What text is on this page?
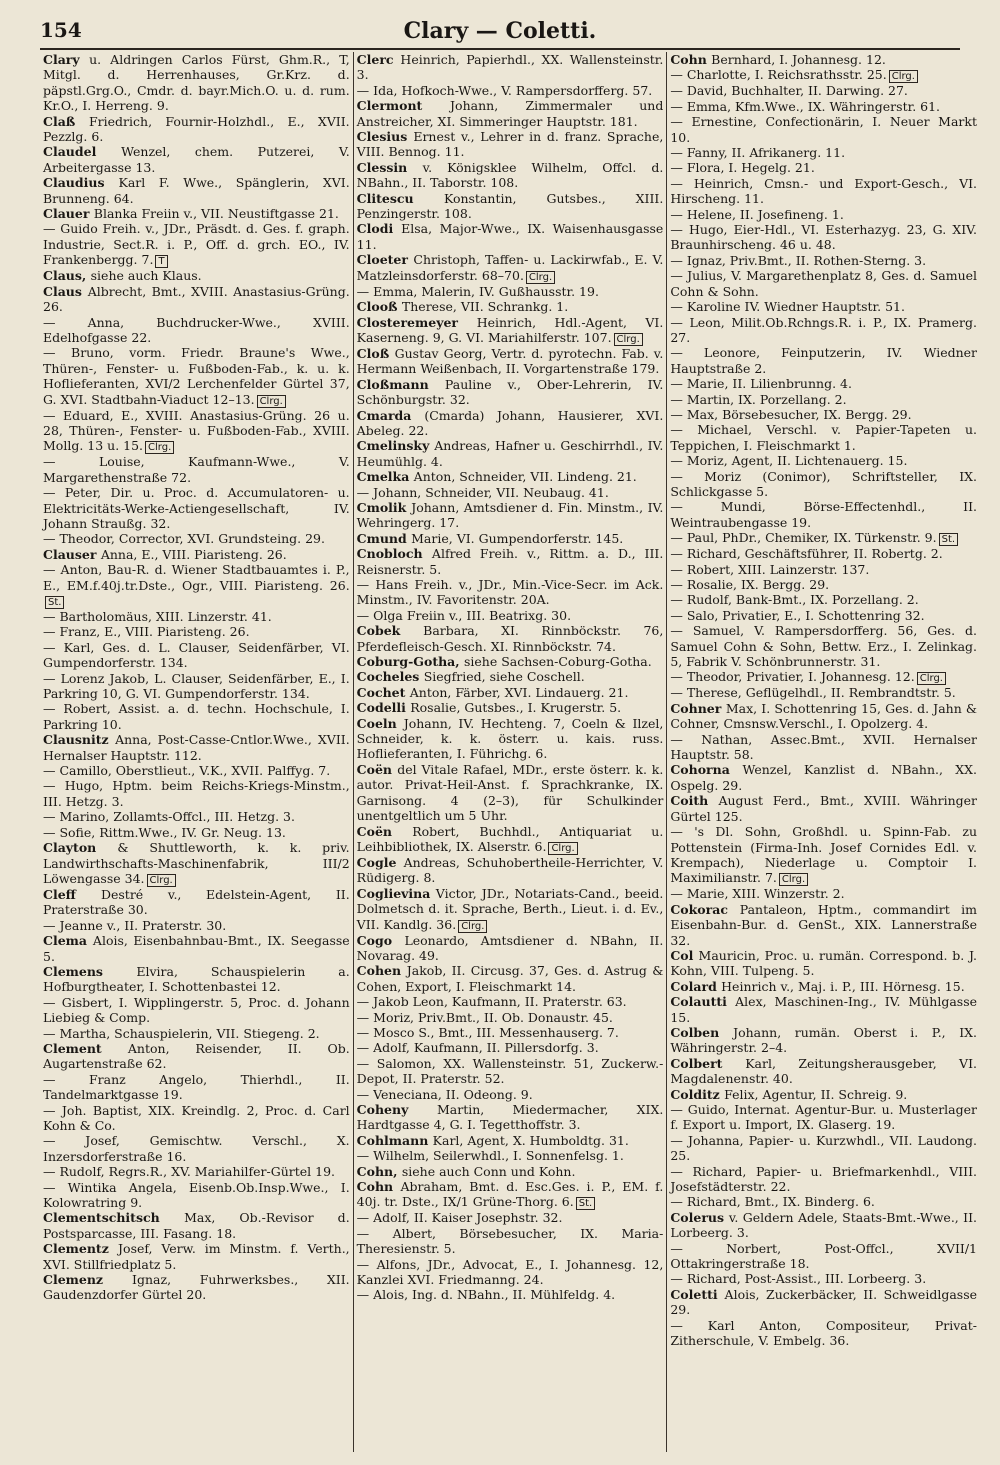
154	Clary — Coletti.

Clary u. Aldringen Carlos Fürst, Ghm.R., T, Mitgl. d. Herrenhauses, Gr.Krz. d. päpstl.Grg.O., Cmdr. d. bayr.Mich.O. u. d. rum. Kr.O., I. Herreng. 9.

Claß Friedrich, Fournir-Holzhdl., E., XVII. Pezzlg. 6.

Claudel Wenzel, chem. Putzerei, V. Arbeitergasse 13.

Claudius Karl F. Wwe., Spänglerin, XVI. Brunneng. 64.

Clauer Blanka Freiin v., VII. Neustiftgasse 21.

— Guido Freih. v., JDr., Präsdt. d. Ges. f. graph. Industrie, Sect.R. i. P., Off. d. grch. EO., IV. Frankenbergg. 7. T

Claus, siehe auch Klaus.

Claus Albrecht, Bmt., XVIII. Anastasius-Grüng. 26.

— Anna, Buchdrucker-Wwe., XVIII. Edelhofgasse 22.

— Bruno, vorm. Friedr. Braune's Wwe., Thüren-, Fenster- u. Fußboden-Fab., k. u. k. Hoflieferanten, XVI/2 Lerchenfelder Gürtel 37, G. XVI. Stadtbahn-Viaduct 12–13. Clrg.

— Eduard, E., XVIII. Anastasius-Grüng. 26 u. 28, Thüren-, Fenster- u. Fußboden-Fab., XVIII. Mollg. 13 u. 15. Clrg.

— Louise, Kaufmann-Wwe., V. Margarethenstraße 72.

— Peter, Dir. u. Proc. d. Accumulatoren- u. Elektricitäts-Werke-Actiengesellschaft, IV. Johann Straußg. 32.

— Theodor, Corrector, XVI. Grundsteing. 29.

Clauser Anna, E., VIII. Piaristeng. 26.

— Anton, Bau-R. d. Wiener Stadtbauamtes i. P., E., EM.f.40j.tr.Dste., Ogr., VIII. Piaristeng. 26.St.

— Bartholomäus, XIII. Linzerstr. 41.

— Franz, E., VIII. Piaristeng. 26.

— Karl, Ges. d. L. Clauser, Seidenfärber, VI. Gumpendorferstr. 134.

— Lorenz Jakob, L. Clauser, Seidenfärber, E., I. Parkring 10, G. VI. Gumpendorferstr. 134.

— Robert, Assist. a. d. techn. Hochschule, I. Parkring 10.

Clausnitz Anna, Post-Casse-Cntlor.Wwe., XVII. Hernalser Hauptstr. 112.

— Camillo, Oberstlieut., V.K., XVII. Palffyg. 7.

— Hugo, Hptm. beim Reichs-Kriegs-Minstm., III. Hetzg. 3.

— Marino, Zollamts-Offcl., III. Hetzg. 3.

— Sofie, Rittm.Wwe., IV. Gr. Neug. 13.

Clayton & Shuttleworth, k. k. priv. Landwirthschafts-Maschinenfabrik, III/2 Löwengasse 34. Clrg.

Cleff Destré v., Edelstein-Agent, II. Praterstraße 30.

— Jeanne v., II. Praterstr. 30.

Clema Alois, Eisenbahnbau-Bmt., IX. Seegasse 5.

Clemens Elvira, Schauspielerin a. Hofburgtheater, I. Schottenbastei 12.

— Gisbert, I. Wipplingerstr. 5, Proc. d. Johann Liebieg & Comp.

— Martha, Schauspielerin, VII. Stiegeng. 2.

Clement Anton, Reisender, II. Ob. Augartenstraße 62.

— Franz Angelo, Thierhdl., II. Tandelmarktgasse 19.

— Joh. Baptist, XIX. Kreindlg. 2, Proc. d. Carl Kohn & Co.

— Josef, Gemischtw. Verschl., X. Inzersdorferstraße 16.

— Rudolf, Regrs.R., XV. Mariahilfer-Gürtel 19.

— Wintika Angela, Eisenb.Ob.Insp.Wwe., I. Kolowratring 9.

Clementschitsch Max, Ob.-Revisor d. Postsparcasse, III. Fasang. 18.

Clementz Josef, Verw. im Minstm. f. Verth., XVI. Stillfriedplatz 5.

Clemenz Ignaz, Fuhrwerksbes., XII. Gaudenzdorfer Gürtel 20.

Clerc Heinrich, Papierhdl., XX. Wallensteinstr. 3.

— Ida, Hofkoch-Wwe., V. Rampersdorfferg. 57.

Clermont Johann, Zimmermaler und Anstreicher, XI. Simmeringer Hauptstr. 181.

Clesius Ernest v., Lehrer in d. franz. Sprache, VIII. Bennog. 11.

Clessin v. Königsklee Wilhelm, Offcl. d. NBahn., II. Taborstr. 108.

Clitescu Konstantin, Gutsbes., XIII. Penzingerstr. 108.

Clodi Elsa, Major-Wwe., IX. Waisenhausgasse 11.

Cloeter Christoph, Taffen- u. Lackirwfab., E. V. Matzleinsdorferstr. 68–70. Clrg.

— Emma, Malerin, IV. Gußhausstr. 19.

Clooß Therese, VII. Schrankg. 1.

Closteremeyer Heinrich, Hdl.-Agent, VI. Kaserneng. 9, G. VI. Mariahilferstr. 107. Clrg.

Cloß Gustav Georg, Vertr. d. pyrotechn. Fab. v. Hermann Weißenbach, II. Vorgartenstraße 179.

Cloßmann Pauline v., Ober-Lehrerin, IV. Schönburgstr. 32.

Cmarda (Cmarda) Johann, Hausierer, XVI. Abeleg. 22.

Cmelinsky Andreas, Hafner u. Geschirrhdl., IV. Heumühlg. 4.

Cmelka Anton, Schneider, VII. Lindeng. 21.

— Johann, Schneider, VII. Neubaug. 41.

Cmolik Johann, Amtsdiener d. Fin. Minstm., IV. Wehringerg. 17.

Cmund Marie, VI. Gumpendorferstr. 145.

Cnobloch Alfred Freih. v., Rittm. a. D., III. Reisnerstr. 5.

— Hans Freih. v., JDr., Min.-Vice-Secr. im Ack. Minstm., IV. Favoritenstr. 20A.

— Olga Freiin v., III. Beatrixg. 30.

Cobek Barbara, XI. Rinnböckstr. 76, Pferdefleisch-Gesch. XI. Rinnböckstr. 74.

Coburg-Gotha, siehe Sachsen-Coburg-Gotha.

Cocheles Siegfried, siehe Coschell.

Cochet Anton, Färber, XVI. Lindauerg. 21.

Codelli Rosalie, Gutsbes., I. Krugerstr. 5.

Coeln Johann, IV. Hechteng. 7, Coeln & Ilzel, Schneider, k. k. österr. u. kais. russ. Hoflieferanten, I. Führichg. 6.

Coën del Vitale Rafael, MDr., erste österr. k. k. autor. Privat-Heil-Anst. f. Sprachkranke, IX. Garnisong. 4 (2–3), für Schulkinder unentgeltlich um 5 Uhr.

Coën Robert, Buchhdl., Antiquariat u. Leihbibliothek, IX. Alserstr. 6. Clrg.

Cogle Andreas, Schuhobertheile-Herrichter, V. Rüdigerg. 8.

Coglievina Victor, JDr., Notariats-Cand., beeid. Dolmetsch d. it. Sprache, Berth., Lieut. i. d. Ev., VII. Kandlg. 36. Clrg.

Cogo Leonardo, Amtsdiener d. NBahn, II. Novarag. 49.

Cohen Jakob, II. Circusg. 37, Ges. d. Astrug & Cohen, Export, I. Fleischmarkt 14.

— Jakob Leon, Kaufmann, II. Praterstr. 63.

— Moriz, Priv.Bmt., II. Ob. Donaustr. 45.

— Mosco S., Bmt., III. Messenhauserg. 7.

— Adolf, Kaufmann, II. Pillersdorfg. 3.

— Salomon, XX. Wallensteinstr. 51, Zuckerw.-Depot, II. Praterstr. 52.

— Veneciana, II. Odeong. 9.

Coheny Martin, Miedermacher, XIX. Hardtgasse 4, G. I. Tegetthoffstr. 3.

Cohlmann Karl, Agent, X. Humboldtg. 31.

— Wilhelm, Seilerwhdl., I. Sonnenfelsg. 1.

Cohn, siehe auch Conn und Kohn.

Cohn Abraham, Bmt. d. Esc.Ges. i. P., EM. f. 40j. tr. Dste., IX/1 Grüne-Thorg. 6. St.

— Adolf, II. Kaiser Josephstr. 32.

— Albert, Börsebesucher, IX. Maria-Theresienstr. 5.

— Alfons, JDr., Advocat, E., I. Johannesg. 12, Kanzlei XVI. Friedmanng. 24.

— Alois, Ing. d. NBahn., II. Mühlfeldg. 4.

Cohn Bernhard, I. Johannesg. 12.

— Charlotte, I. Reichsrathsstr. 25. Clrg.

— David, Buchhalter, II. Darwing. 27.

— Emma, Kfm.Wwe., IX. Währingerstr. 61.

— Ernestine, Confectionärin, I. Neuer Markt 10.

— Fanny, II. Afrikanerg. 11.

— Flora, I. Hegelg. 21.

— Heinrich, Cmsn.- und Export-Gesch., VI. Hirscheng. 11.

— Helene, II. Josefineng. 1.

— Hugo, Eier-Hdl., VI. Esterhazyg. 23, G. XIV. Braunhirscheng. 46 u. 48.

— Ignaz, Priv.Bmt., II. Rothen-Sterng. 3.

— Julius, V. Margarethenplatz 8, Ges. d. Samuel Cohn & Sohn.

— Karoline IV. Wiedner Hauptstr. 51.

— Leon, Milit.Ob.Rchngs.R. i. P., IX. Pramerg. 27.

— Leonore, Feinputzerin, IV. Wiedner Hauptstraße 2.

— Marie, II. Lilienbrunng. 4.

— Martin, IX. Porzellang. 2.

— Max, Börsebesucher, IX. Bergg. 29.

— Michael, Verschl. v. Papier-Tapeten u. Teppichen, I. Fleischmarkt 1.

— Moriz, Agent, II. Lichtenauerg. 15.

— Moriz (Conimor), Schriftsteller, IX. Schlickgasse 5.

— Mundi, Börse-Effectenhdl., II. Weintraubengasse 19.

— Paul, PhDr., Chemiker, IX. Türkenstr. 9. St.

— Richard, Geschäftsführer, II. Robertg. 2.

— Robert, XIII. Lainzerstr. 137.

— Rosalie, IX. Bergg. 29.

— Rudolf, Bank-Bmt., IX. Porzellang. 2.

— Salo, Privatier, E., I. Schottenring 32.

— Samuel, V. Rampersdorfferg. 56, Ges. d. Samuel Cohn & Sohn, Bettw. Erz., I. Zelinkag. 5, Fabrik V. Schönbrunnerstr. 31.

— Theodor, Privatier, I. Johannesg. 12. Clrg.

— Therese, Geflügelhdl., II. Rembrandtstr. 5.

Cohner Max, I. Schottenring 15, Ges. d. Jahn & Cohner, Cmsnsw.Verschl., I. Opolzerg. 4.

— Nathan, Assec.Bmt., XVII. Hernalser Hauptstr. 58.

Cohorna Wenzel, Kanzlist d. NBahn., XX. Ospelg. 29.

Coith August Ferd., Bmt., XVIII. Währinger Gürtel 125.

— 's Dl. Sohn, Großhdl. u. Spinn-Fab. zu Pottenstein (Firma-Inh. Josef Cornides Edl. v. Krempach), Niederlage u. Comptoir I. Maximilianstr. 7. Clrg.

— Marie, XIII. Winzerstr. 2.

Cokorac Pantaleon, Hptm., commandirt im Eisenbahn-Bur. d. GenSt., XIX. Lannerstraße 32.

Col Mauricin, Proc. u. rumän. Correspond. b. J. Kohn, VIII. Tulpeng. 5.

Colard Heinrich v., Maj. i. P., III. Hörnesg. 15.

Colautti Alex, Maschinen-Ing., IV. Mühlgasse 15.

Colben Johann, rumän. Oberst i. P., IX. Währingerstr. 2–4.

Colbert Karl, Zeitungsherausgeber, VI. Magdalenenstr. 40.

Colditz Felix, Agentur, II. Schreig. 9.

— Guido, Internat. Agentur-Bur. u. Musterlager f. Export u. Import, IX. Glaserg. 19.

— Johanna, Papier- u. Kurzwhdl., VII. Laudong. 25.

— Richard, Papier- u. Briefmarkenhdl., VIII. Josefstädterstr. 22.

— Richard, Bmt., IX. Binderg. 6.

Colerus v. Geldern Adele, Staats-Bmt.-Wwe., II. Lorbeerg. 3.

— Norbert, Post-Offcl., XVII/1 Ottakringerstraße 18.

— Richard, Post-Assist., III. Lorbeerg. 3.

Coletti Alois, Zuckerbäcker, II. Schweidlgasse 29.

— Karl Anton, Compositeur, Privat-Zitherschule, V. Embelg. 36.
